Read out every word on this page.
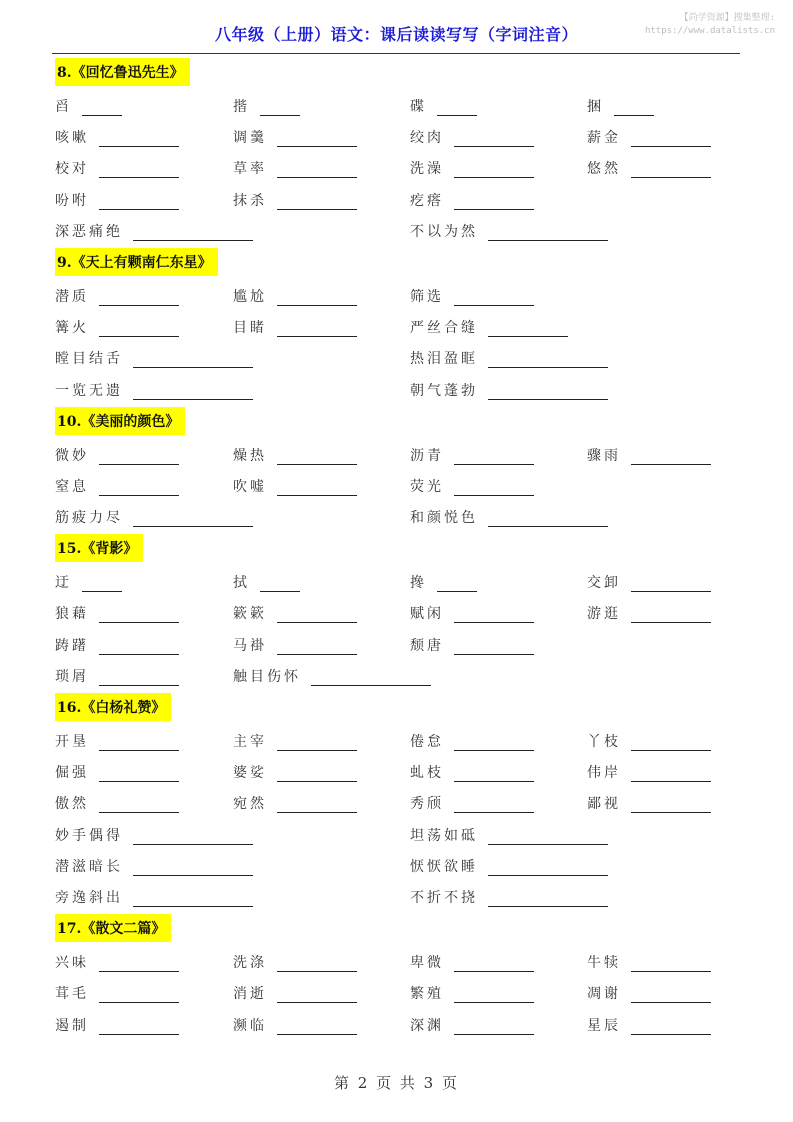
八年级（上册）语文：课后读读写写（字词注音）
【尚学资源】搜集整理:
https://www.datalists.cn
8.《回忆鲁迅先生》
舀	揩	碟	捆
咳嗽	调羹	绞肉	薪金
校对	草率	洗澡	悠然
吩咐	抹杀	疙瘩
深恶痛绝	不以为然
9.《天上有颗南仁东星》
潜质	尴尬	筛选
篝火	目睹	严丝合缝
瞠目结舌	热泪盈眶
一览无遗	朝气蓬勃
10.《美丽的颜色》
微妙	燥热	沥青	骤雨
窒息	吹嘘	荧光
筋疲力尽	和颜悦色
15.《背影》
迂	拭	搀	交卸
狼藉	簌簌	赋闲	游逛
踌躇	马褂	颓唐
琐屑	触目伤怀
16.《白杨礼赞》
开垦	主宰	倦怠	丫枝
倔强	婆娑	虬枝	伟岸
傲然	宛然	秀颀	鄙视
妙手偶得	坦荡如砥
潜滋暗长	恹恹欲睡
旁逸斜出	不折不挠
17.《散文二篇》
兴味	洗涤	卑微	牛犊
茸毛	消逝	繁殖	凋谢
遏制	濒临	深渊	星辰
第 2 页 共 3 页
